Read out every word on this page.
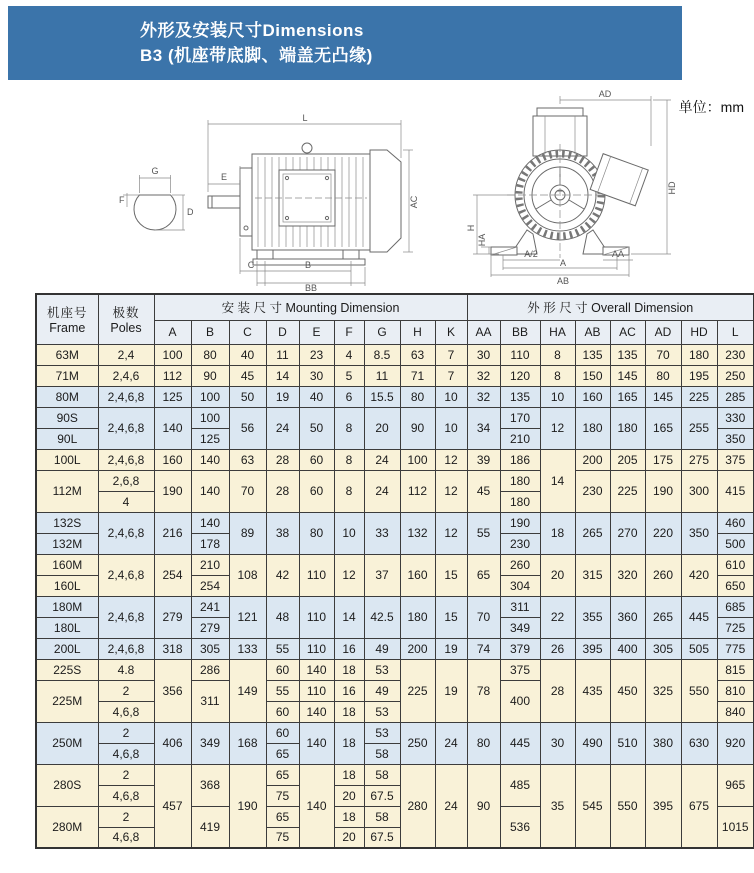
外形及安装尺寸Dimensions
B3 (机座带底脚、端盖无凸缘)
单位：mm
G
D
F
L
E
AC
C	B
BB
AD
HD
H
HA
A/2	AA
A
AB
机座号
Frame

极数
Poles
	安 装 尺 寸 Mounting Dimension	外 形 尺 寸 Overall Dimension
		A	B	C	D	E	F	G	H	K	AA	BB	HA	AB	AC	AD	HD	L
63M	2,4	100	80	40	11	23	4	8.5	63	7	30	110	8	135	135	70	180	230
71M	2,4,6	112	90	45	14	30	5	11	71	7	32	120	8	150	145	80	195	250
80M	2,4,6,8	125	100	50	19	40	6	15.5	80	10	32	135	10	160	165	145	225	285
90S	2,4,6,8	140	100	56	24	50	8	20	90	10	34	170	12	180	180	165	255	330
90L			125									210						350
100L	2,4,6,8	160	140	63	28	60	8	24	100	12	39	186	14	200	205	175	275	375
112M	2,6,8	190	140	70	28	60	8	24	112	12	45	180		230	225	190	300	415
	4											180						
132S	2,4,6,8	216	140	89	38	80	10	33	132	12	55	190	18	265	270	220	350	460
132M			178									230						500
160M	2,4,6,8	254	210	108	42	110	12	37	160	15	65	260	20	315	320	260	420	610
160L			254									304						650
180M	2,4,6,8	279	241	121	48	110	14	42.5	180	15	70	311	22	355	360	265	445	685
180L			279									349						725
200L	2,4,6,8	318	305	133	55	110	16	49	200	19	74	379	26	395	400	305	505	775
225S	4.8	356	286	149	60	140	18	53	225	19	78	375	28	435	450	325	550	815
225M	2		311		55	110	16	49				400						810
	4,6,8				60	140	18	53										840
250M	2	406	349	168	60	140	18	53	250	24	80	445	30	490	510	380	630	920
	4,6,8				65			58										
280S	2	457	368	190	65	140	18	58	280	24	90	485	35	545	550	395	675	965
	4,6,8				75		20	67.5										
280M	2		419		65		18	58				536						1015
	4,6,8				75		20	67.5										
